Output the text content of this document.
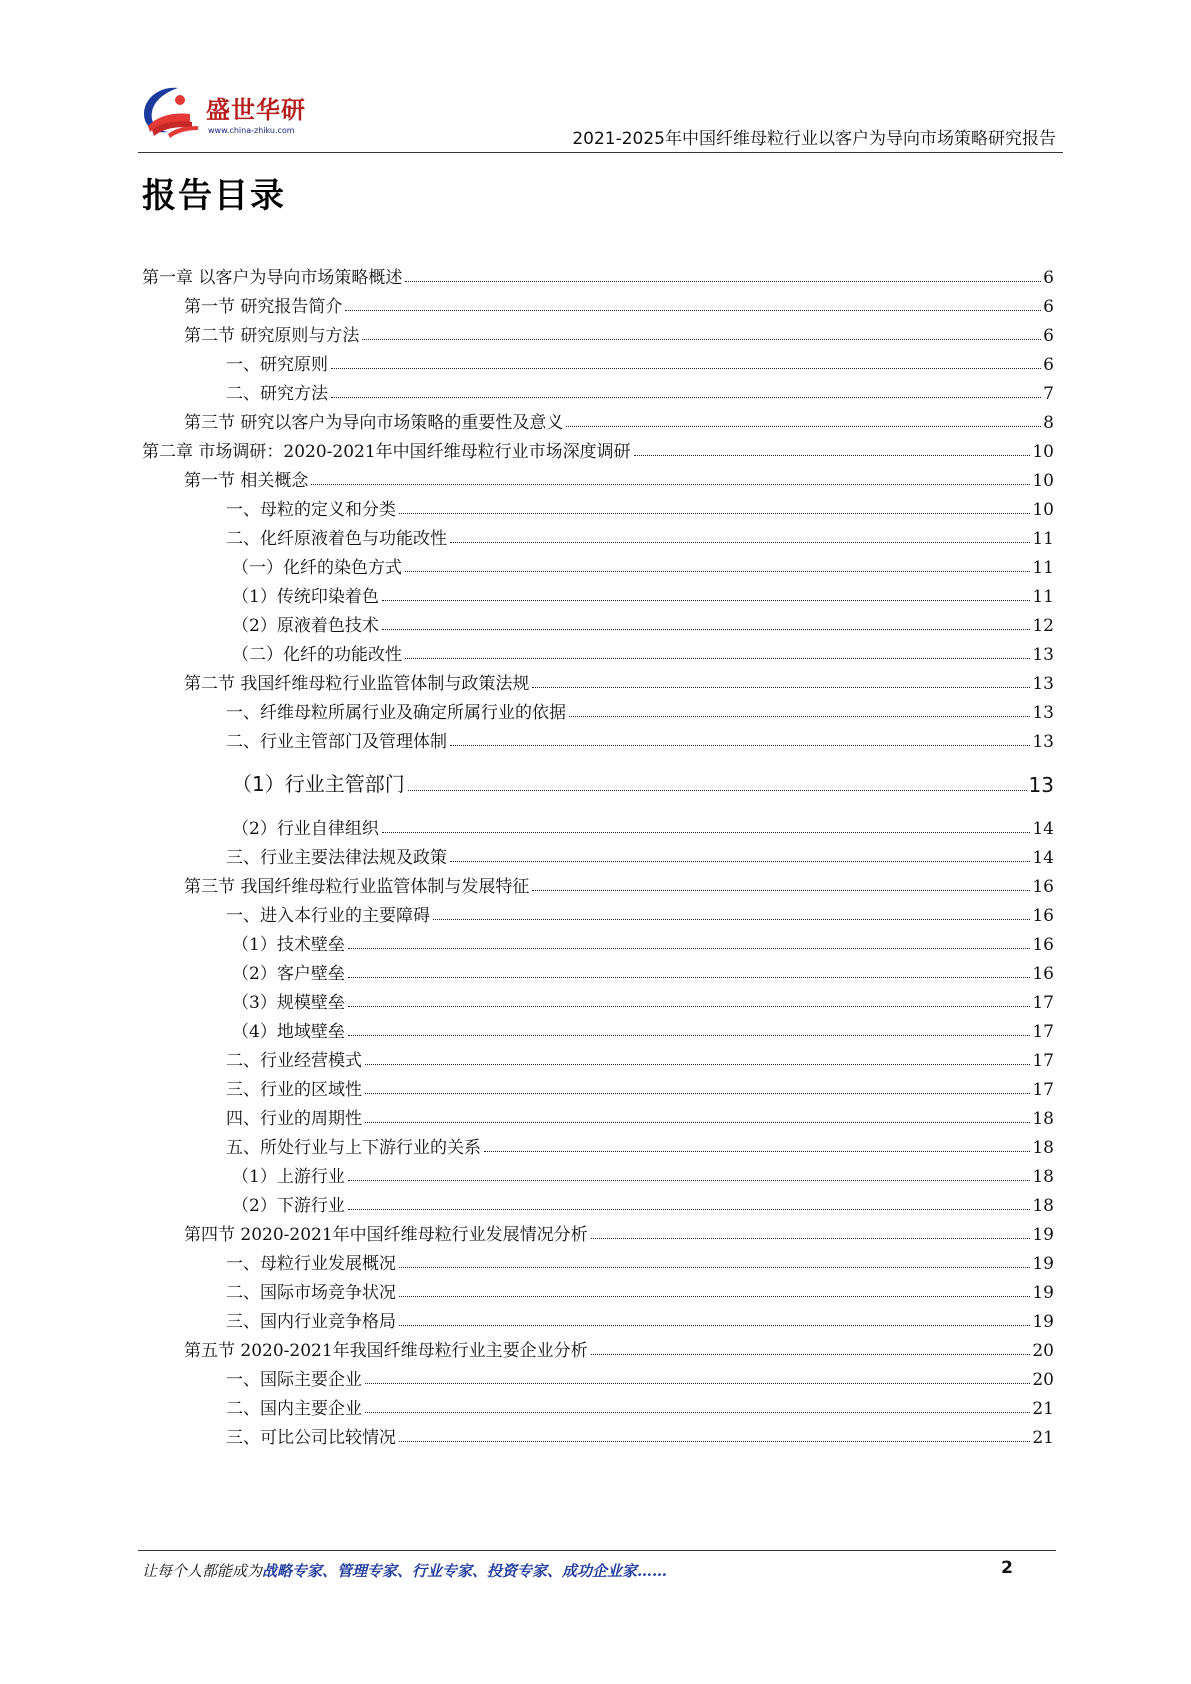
盛世华研
www.china-zhiku.com	2021-2025年中国纤维母粒行业以客户为导向市场策略研究报告
报告目录
第一章 以客户为导向市场策略概述	6
第一节 研究报告简介	6
第二节 研究原则与方法	6
一、研究原则	6
二、研究方法	7
第三节 研究以客户为导向市场策略的重要性及意义	8
第二章 市场调研：2020-2021年中国纤维母粒行业市场深度调研	10
第一节 相关概念	10
一、母粒的定义和分类	10
二、化纤原液着色与功能改性	11
（一）化纤的染色方式	11
（1）传统印染着色	11
（2）原液着色技术	12
（二）化纤的功能改性	13
第二节 我国纤维母粒行业监管体制与政策法规	13
一、纤维母粒所属行业及确定所属行业的依据	13
二、行业主管部门及管理体制	13
（1）行业主管部门	13
（2）行业自律组织	14
三、行业主要法律法规及政策	14
第三节 我国纤维母粒行业监管体制与发展特征	16
一、进入本行业的主要障碍	16
（1）技术壁垒	16
（2）客户壁垒	16
（3）规模壁垒	17
（4）地域壁垒	17
二、行业经营模式	17
三、行业的区域性	17
四、行业的周期性	18
五、所处行业与上下游行业的关系	18
（1）上游行业	18
（2）下游行业	18
第四节 2020-2021年中国纤维母粒行业发展情况分析	19
一、母粒行业发展概况	19
二、国际市场竞争状况	19
三、国内行业竞争格局	19
第五节 2020-2021年我国纤维母粒行业主要企业分析	20
一、国际主要企业	20
二、国内主要企业	21
三、可比公司比较情况	21
让每个人都能成为战略专家、管理专家、行业专家、投资专家、成功企业家……	2
